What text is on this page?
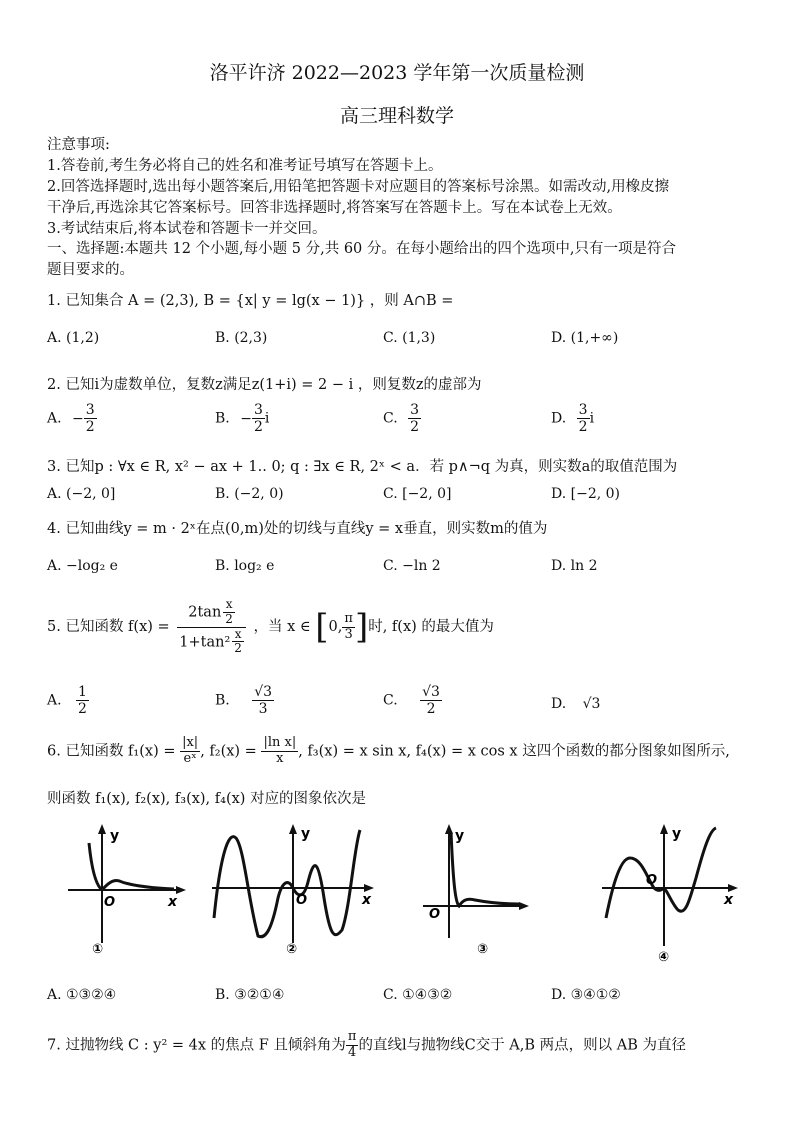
洛平许济 2022—2023 学年第一次质量检测
高三理科数学
注意事项:
1.答卷前,考生务必将自己的姓名和准考证号填写在答题卡上。
2.回答选择题时,选出每小题答案后,用铅笔把答题卡对应题目的答案标号涂黑。如需改动,用橡皮擦
干净后,再选涂其它答案标号。回答非选择题时,将答案写在答题卡上。写在本试卷上无效。
3.考试结束后,将本试卷和答题卡一并交回。
一、选择题:本题共 12 个小题,每小题 5 分,共 60 分。在每小题给出的四个选项中,只有一项是符合
题目要求的。
1. 已知集合 A = (2,3), B = {x| y = lg(x − 1)} ，则 A∩B =
A. (1,2)	B. (2,3)	C. (1,3)	D. (1,+∞)
2. 已知i为虚数单位，复数z满足z(1+i) = 2 − i ，则复数z的虚部为
A. − $\frac{3}{2}$	B. − $\frac{3}{2}$ i	C. $\frac{3}{2}$	D. $\frac{3}{2}$ i
3. 已知p : ∀x ∈ R, x² − ax + 1.. 0; q : ∃x ∈ R, 2ˣ < a．若 p∧¬q 为真，则实数a的取值范围为
A. (−2, 0]	B. (−2, 0)	C. [−2, 0]	D. [−2, 0)
4. 已知曲线y = m · 2ˣ在点(0,m)处的切线与直线y = x垂直，则实数m的值为
A. −log₂ e	B. log₂ e	C. −ln 2	D. ln 2
5. 已知函数 $f(x) = \frac{2\tan \frac{x}{2}}{1+\tan^2 \frac{x}{2}}$ ，当 x ∈ [0, $\frac{\pi}{3}$ ]时, f(x) 的最大值为
A. $\frac{1}{2}$	B. $\frac{√3}{3}$	C. $\frac{√3}{2}$	D. √3
6. 已知函数 $f_1(x) = \frac{|x|}{\text{eˣ}}$ , $f_2(x) = \frac{\text{|ln x|}}{x}$ , f₃(x) = x sin x, f₄(x) = x cos x 这四个函数的都分图象如图所示,
则函数 f₁(x), f₂(x), f₃(x), f₄(x) 对应的图象依次是
y
x
O
①
y
x
O
②
y
O
③
y
x
O
④
A. ①③②④	B. ③②①④	C. ①④③②	D. ③④①②
7. 过抛物线 C : y² = 4x 的焦点 F 且倾斜角为 $\frac{\pi}{4}$ 的直线l与抛物线C交于 A,B 两点，则以 AB 为直径
